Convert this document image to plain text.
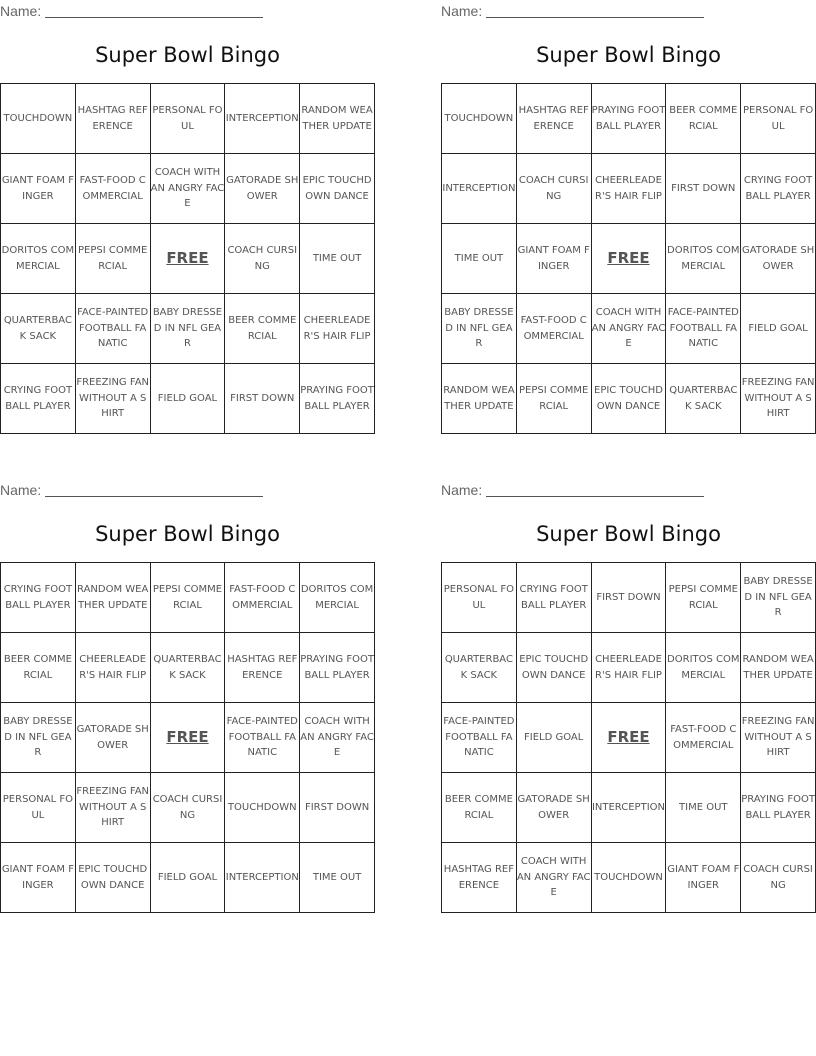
Name:
Super Bowl Bingo
TOUCHDOWN	HASHTAG REFERENCE	PERSONAL FOUL	INTERCEPTION	RANDOM WEATHER UPDATE
GIANT FOAM FINGER	FAST-FOOD COMMERCIAL	COACH WITH AN ANGRY FACE	GATORADE SHOWER	EPIC TOUCHDOWN DANCE
DORITOS COMMERCIAL	PEPSI COMMERCIAL	FREE	COACH CURSING	TIME OUT
QUARTERBACK SACK	FACE-PAINTED FOOTBALL FANATIC	BABY DRESSED IN NFL GEAR	BEER COMMERCIAL	CHEERLEADER'S HAIR FLIP
CRYING FOOTBALL PLAYER	FREEZING FAN WITHOUT A SHIRT	FIELD GOAL	FIRST DOWN	PRAYING FOOTBALL PLAYER
Name:
Super Bowl Bingo
TOUCHDOWN	HASHTAG REFERENCE	PRAYING FOOTBALL PLAYER	BEER COMMERCIAL	PERSONAL FOUL
INTERCEPTION	COACH CURSING	CHEERLEADER'S HAIR FLIP	FIRST DOWN	CRYING FOOTBALL PLAYER
TIME OUT	GIANT FOAM FINGER	FREE	DORITOS COMMERCIAL	GATORADE SHOWER
BABY DRESSED IN NFL GEAR	FAST-FOOD COMMERCIAL	COACH WITH AN ANGRY FACE	FACE-PAINTED FOOTBALL FANATIC	FIELD GOAL
RANDOM WEATHER UPDATE	PEPSI COMMERCIAL	EPIC TOUCHDOWN DANCE	QUARTERBACK SACK	FREEZING FAN WITHOUT A SHIRT
Name:
Super Bowl Bingo
CRYING FOOTBALL PLAYER	RANDOM WEATHER UPDATE	PEPSI COMMERCIAL	FAST-FOOD COMMERCIAL	DORITOS COMMERCIAL
BEER COMMERCIAL	CHEERLEADER'S HAIR FLIP	QUARTERBACK SACK	HASHTAG REFERENCE	PRAYING FOOTBALL PLAYER
BABY DRESSED IN NFL GEAR	GATORADE SHOWER	FREE	FACE-PAINTED FOOTBALL FANATIC	COACH WITH AN ANGRY FACE
PERSONAL FOUL	FREEZING FAN WITHOUT A SHIRT	COACH CURSING	TOUCHDOWN	FIRST DOWN
GIANT FOAM FINGER	EPIC TOUCHDOWN DANCE	FIELD GOAL	INTERCEPTION	TIME OUT
Name:
Super Bowl Bingo
PERSONAL FOUL	CRYING FOOTBALL PLAYER	FIRST DOWN	PEPSI COMMERCIAL	BABY DRESSED IN NFL GEAR
QUARTERBACK SACK	EPIC TOUCHDOWN DANCE	CHEERLEADER'S HAIR FLIP	DORITOS COMMERCIAL	RANDOM WEATHER UPDATE
FACE-PAINTED FOOTBALL FANATIC	FIELD GOAL	FREE	FAST-FOOD COMMERCIAL	FREEZING FAN WITHOUT A SHIRT
BEER COMMERCIAL	GATORADE SHOWER	INTERCEPTION	TIME OUT	PRAYING FOOTBALL PLAYER
HASHTAG REFERENCE	COACH WITH AN ANGRY FACE	TOUCHDOWN	GIANT FOAM FINGER	COACH CURSING
